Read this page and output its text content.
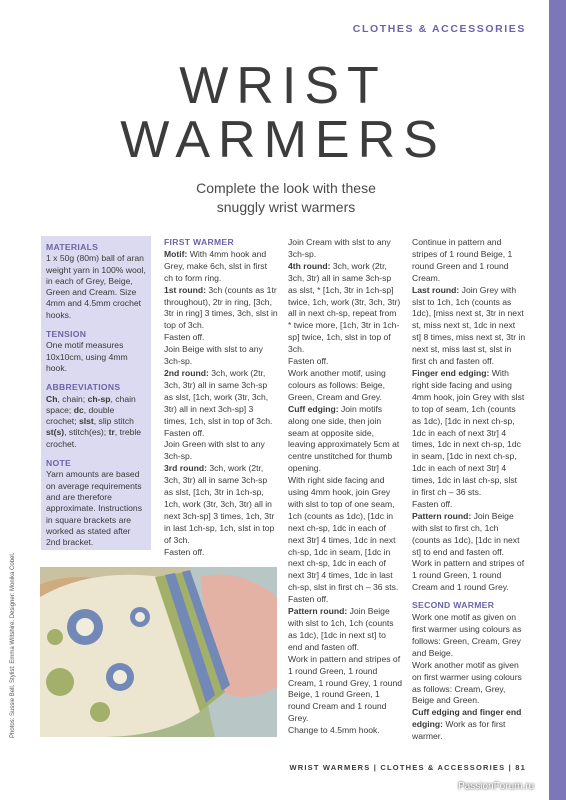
CLOTHES & ACCESSORIES
WRIST
WARMERS
Complete the look with these
snuggly wrist warmers
MATERIALS

1 x 50g (80m) ball of aran weight yarn in 100% wool, in each of Grey, Beige, Green and Cream. Size 4mm and 4.5mm crochet hooks.

TENSION

One motif measures 10x10cm, using 4mm hook.

ABBREVIATIONS

Ch, chain; ch-sp, chain space; dc, double crochet; slst, slip stitch st(s), stitch(es); tr, treble crochet.

NOTE

Yarn amounts are based on average requirements and are therefore approximate. Instructions in square brackets are worked as stated after 2nd bracket.

FIRST WARMER

Motif: With 4mm hook and Grey, make 6ch, slst in first ch to form ring.

1st round: 3ch (counts as 1tr throughout), 2tr in ring, [3ch, 3tr in ring] 3 times, 3ch, slst in top of 3ch.

Fasten off.

Join Beige with slst to any 3ch-sp.

2nd round: 3ch, work (2tr, 3ch, 3tr) all in same 3ch-sp as slst, [1ch, work (3tr, 3ch, 3tr) all in next 3ch-sp] 3 times, 1ch, slst in top of 3ch.

Fasten off.

Join Green with slst to any 3ch-sp.

3rd round: 3ch, work (2tr, 3ch, 3tr) all in same 3ch-sp as slst, [1ch, 3tr in 1ch-sp, 1ch, work (3tr, 3ch, 3tr) all in next 3ch-sp] 3 times, 1ch, 3tr in last 1ch-sp, 1ch, slst in top of 3ch.

Fasten off.

Join Cream with slst to any 3ch-sp.

4th round: 3ch, work (2tr, 3ch, 3tr) all in same 3ch-sp as slst, * [1ch, 3tr in 1ch-sp] twice, 1ch, work (3tr, 3ch, 3tr) all in next ch-sp, repeat from * twice more, [1ch, 3tr in 1ch-sp] twice, 1ch, slst in top of 3ch.

Fasten off.

Work another motif, using colours as follows: Beige, Green, Cream and Grey.

Cuff edging: Join motifs along one side, then join seam at opposite side, leaving approximately 5cm at centre unstitched for thumb opening.

With right side facing and using 4mm hook, join Grey with slst to top of one seam, 1ch (counts as 1dc), [1dc in next ch-sp, 1dc in each of next 3tr] 4 times, 1dc in next ch-sp, 1dc in seam, [1dc in next ch-sp, 1dc in each of next 3tr] 4 times, 1dc in last ch-sp, slst in first ch – 36 sts.

Fasten off.

Pattern round: Join Beige with slst to 1ch, 1ch (counts as 1dc), [1dc in next st] to end and fasten off.

Work in pattern and stripes of 1 round Green, 1 round Cream, 1 round Grey, 1 round Beige, 1 round Green, 1 round Cream and 1 round Grey.

Change to 4.5mm hook.

Continue in pattern and stripes of 1 round Beige, 1 round Green and 1 round Cream.

Last round: Join Grey with slst to 1ch, 1ch (counts as 1dc), [miss next st, 3tr in next st, miss next st, 1dc in next st] 8 times, miss next st, 3tr in next st, miss last st, slst in first ch and fasten off.

Finger end edging: With right side facing and using 4mm hook, join Grey with slst to top of seam, 1ch (counts as 1dc), [1dc in next ch-sp, 1dc in each of next 3tr] 4 times, 1dc in next ch-sp, 1dc in seam, [1dc in next ch-sp, 1dc in each of next 3tr] 4 times, 1dc in last ch-sp, slst in first ch – 36 sts.

Fasten off.

Pattern round: Join Beige with slst to first ch, 1ch (counts as 1dc), [1dc in next st] to end and fasten off.

Work in pattern and stripes of 1 round Green, 1 round Cream and 1 round Grey.

SECOND WARMER

Work one motif as given on first warmer using colours as follows: Green, Cream, Grey and Beige.

Work another motif as given on first warmer using colours as follows: Cream, Grey, Beige and Green.

Cuff edging and finger end edging: Work as for first warmer.

Photos: Sussie Bell. Stylist: Emma Wiltshire. Designer: Monika Cobel.
WRIST WARMERS | CLOTHES & ACCESSORIES | 81
PassionForum.ru
